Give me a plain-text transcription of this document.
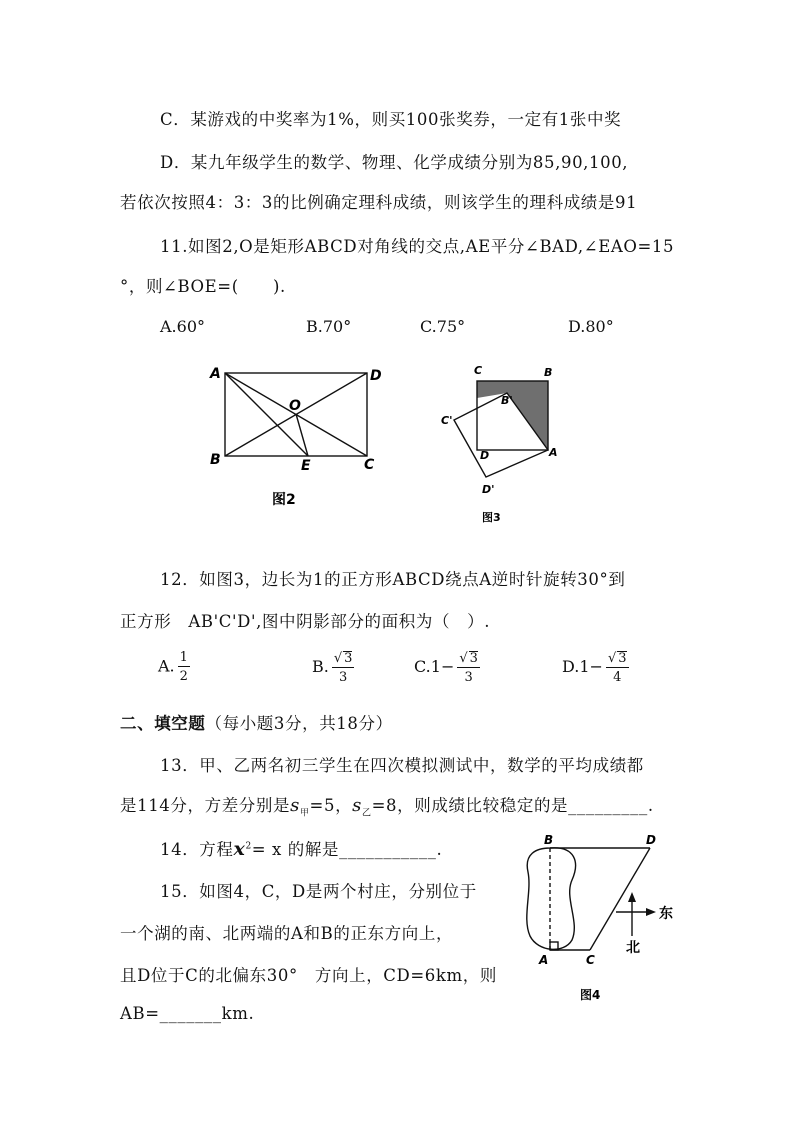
C．某游戏的中奖率为1%，则买100张奖券，一定有1张中奖
D．某九年级学生的数学、物理、化学成绩分别为85,90,100,
若依次按照4：3：3的比例确定理科成绩，则该学生的理科成绩是91
11.如图2,O是矩形ABCD对角线的交点,AE平分∠BAD,∠EAO=15
°，则∠BOE=(　　).
A.60°	B.70°	C.75°	D.80°
A	D
O
B	E	C
图2
C	B
B'
C'
D	A
D'
图3
12．如图3，边长为1的正方形ABCD绕点A逆时针旋转30°到
正方形　AB'C'D',图中阴影部分的面积为（　）.
A. $\frac{1}{2}$	B. $\frac{√ 3}{3}$	$C.1- \frac{√ 3}{3}$	$D.1- \frac{√ 3}{4}$
二、填空题（每小题3分，共18分）
13．甲、乙两名初三学生在四次模拟测试中，数学的平均成绩都
是114分，方差分别是$s_甲=5$，$s_乙=8$，则成绩比较稳定的是_________.
14．方程$x^2= x$ 的解是___________.
15．如图4，C，D是两个村庄，分别位于
一个湖的南、北两端的A和B的正东方向上，
且D位于C的北偏东30°　方向上，CD=6km，则
AB=_______km.
B	D
A	C
东
北
图4
